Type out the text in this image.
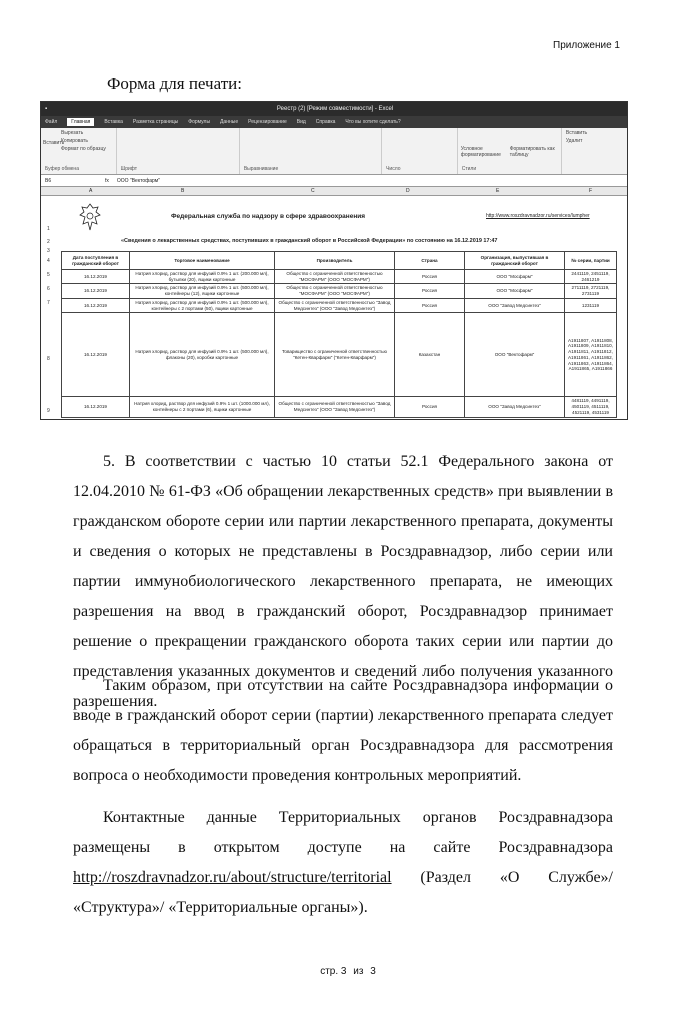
Приложение 1
Форма для печати:
▪	Реестр (2) [Режим совместимости] - Excel
Файл	Главная	Вставка Разметка страницы Формулы Данные Рецензирование Вид Справка Что вы хотите сделать?
Вырезать
Копировать
Формат по образцу
Вставить
Буфер обмена	Шрифт	Выравнивание	Число
Условное форматирование
Форматировать как таблицу
Стили
Вставить
Удалит
B6	fx ООО "Вектофарм"
A	B	C	D	E	F
1
2
3
4
5
6
7
8
9
Федеральная служба по надзору в сфере здравоохранения	http://www.roszdravnadzor.ru/services/lumpher
«Сведения о лекарственных средствах, поступивших в гражданский оборот в Российской Федерации» по состоянию на 16.12.2019 17:47
Дата поступления в гражданский оборот	Торговое наименование	Производитель	Страна	Организация, выпустившая в гражданский оборот	№ серии, партии
16.12.2019	Натрия хлорид, раствор для инфузий 0.9% 1 шт. (200.000 мл), бутылки (20), ящики картонные	Общество с ограниченной ответственностью "МОСФАРМ" (ООО "МОСФАРМ")	Россия	ООО "Мосфарм"	2441119, 2451119, 2461219
16.12.2019	Натрия хлорид, раствор для инфузий 0.9% 1 шт. (500.000 мл), контейнеры (12), ящики картонные	Общество с ограниченной ответственностью "МОСФАРМ" (ООО "МОСФАРМ")	Россия	ООО "Мосфарм"	2711119, 2721119, 2731119
16.12.2019	Натрия хлорид, раствор для инфузий 0.9% 1 шт. (500.000 мл), контейнеры с 2 портами (50), ящики картонные	Общество с ограниченной ответственностью "Завод Медсинтез" (ООО "Завод Медсинтез")	Россия	ООО "Завод Медсинтез"	1231119
16.12.2019	Натрия хлорид, раствор для инфузий 0.9% 1 шт. (500.000 мл), флаконы (20), коробки картонные	Товарищество с ограниченной ответственностью "Кетен-Кварфарм" ("Кетен-Кварфарм")	Казахстан	ООО "Вектофарм"	А1911807, А1911808, А1911809, А1911810, А1911811, А1911812, А1911861, А1911862, А1911863, А1911864, А1911865, А1911866
16.12.2019	Натрия хлорид, раствор для инфузий 0.9% 1 шт. (1000.000 мл), контейнеры с 2 портами (6), ящики картонные	Общество с ограниченной ответственностью "Завод Медсинтез" (ООО "Завод Медсинтез")	Россия	ООО "Завод Медсинтез"	4481119, 4491119, 4501119, 4511119, 4521119, 4531119
5. В соответствии с частью 10 статьи 52.1 Федерального закона от 12.04.2010 № 61-ФЗ «Об обращении лекарственных средств» при выявлении в гражданском обороте серии или партии лекарственного препарата, документы и сведения о которых не представлены в Росздравнадзор, либо серии или партии иммунобиологического лекарственного препарата, не имеющих разрешения на ввод в гражданский оборот, Росздравнадзор принимает решение о прекращении гражданского оборота таких серии или партии до представления указанных документов и сведений либо получения указанного разрешения.
Таким образом, при отсутствии на сайте Росздравнадзора информации о вводе в гражданский оборот серии (партии) лекарственного препарата следует обращаться в территориальный орган Росздравнадзора для рассмотрения вопроса о необходимости проведения контрольных мероприятий.
Контактные данные Территориальных органов Росздравнадзора размещены в открытом доступе на сайте Росздравнадзора http://roszdravnadzor.ru/about/structure/territorial (Раздел «О Службе»/ «Структура»/ «Территориальные органы»).
стр. 3 из 3
